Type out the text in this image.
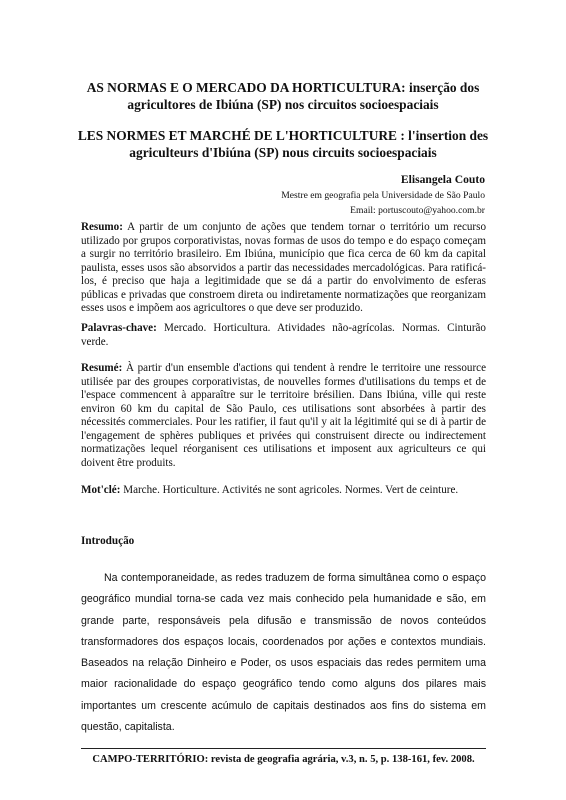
AS NORMAS E O MERCADO DA HORTICULTURA: inserção dos agricultores de Ibiúna (SP) nos circuitos socioespaciais
LES NORMES ET MARCHÉ DE L'HORTICULTURE : l'insertion des agriculteurs d'Ibiúna (SP) nous circuits socioespaciais
Elisangela Couto
Mestre em geografia pela Universidade de São Paulo
Email: portuscouto@yahoo.com.br
Resumo: A partir de um conjunto de ações que tendem tornar o território um recurso utilizado por grupos corporativistas, novas formas de usos do tempo e do espaço começam a surgir no território brasileiro. Em Ibiúna, município que fica cerca de 60 km da capital paulista, esses usos são absorvidos a partir das necessidades mercadológicas. Para ratificá-los, é preciso que haja a legitimidade que se dá a partir do envolvimento de esferas públicas e privadas que constroem direta ou indiretamente normatizações que reorganizam esses usos e impõem aos agricultores o que deve ser produzido.
Palavras-chave: Mercado. Horticultura. Atividades não-agrícolas. Normas. Cinturão verde.
Resumé: À partir d'un ensemble d'actions qui tendent à rendre le territoire une ressource utilisée par des groupes corporativistas, de nouvelles formes d'utilisations du temps et de l'espace commencent à apparaître sur le territoire brésilien. Dans Ibiúna, ville qui reste environ 60 km du capital de São Paulo, ces utilisations sont absorbées à partir des nécessités commerciales. Pour les ratifier, il faut qu'il y ait la légitimité qui se di à partir de l'engagement de sphères publiques et privées qui construisent directe ou indirectement normatizações lequel réorganisent ces utilisations et imposent aux agriculteurs ce qui doivent être produits.
Mot'clé: Marche. Horticulture. Activités ne sont agricoles. Normes. Vert de ceinture.
Introdução
Na contemporaneidade, as redes traduzem de forma simultânea como o espaço geográfico mundial torna-se cada vez mais conhecido pela humanidade e são, em grande parte, responsáveis pela difusão e transmissão de novos conteúdos transformadores dos espaços locais, coordenados por ações e contextos mundiais. Baseados na relação Dinheiro e Poder, os usos espaciais das redes permitem uma maior racionalidade do espaço geográfico tendo como alguns dos pilares mais importantes um crescente acúmulo de capitais destinados aos fins do sistema em questão, capitalista.
CAMPO-TERRITÓRIO: revista de geografia agrária, v.3, n. 5, p. 138-161, fev. 2008.
